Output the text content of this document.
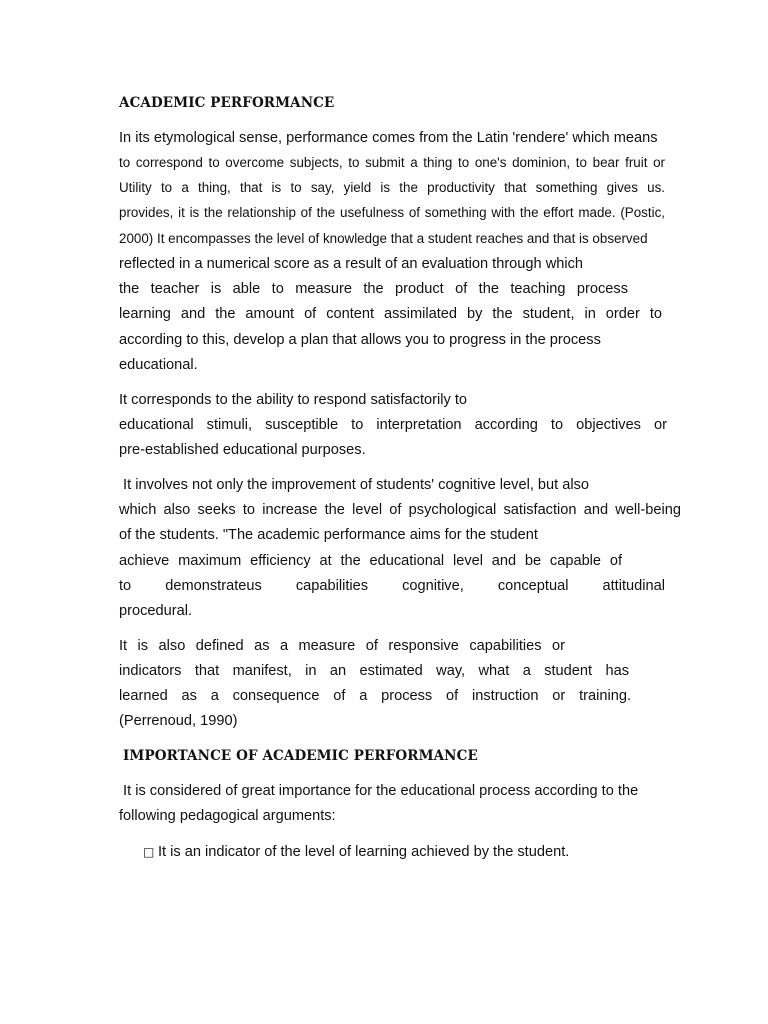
ACADEMIC PERFORMANCE

In its etymological sense, performance comes from the Latin 'rendere' which means

to correspond to overcome subjects, to submit a thing to one's dominion, to bear fruit or

Utility to a thing, that is to say, yield is the productivity that something gives us.

provides, it is the relationship of the usefulness of something with the effort made. (Postic,

2000) It encompasses the level of knowledge that a student reaches and that is observed

reflected in a numerical score as a result of an evaluation through which

the teacher is able to measure the product of the teaching process

learning and the amount of content assimilated by the student, in order to

according to this, develop a plan that allows you to progress in the process

educational.

It corresponds to the ability to respond satisfactorily to

educational stimuli, susceptible to interpretation according to objectives or

pre-established educational purposes.

It involves not only the improvement of students' cognitive level, but also

which also seeks to increase the level of psychological satisfaction and well-being

of the students. "The academic performance aims for the student

achieve maximum efficiency at the educational level and be capable of

to demonstrateus capabilities cognitive, conceptual attitudinal

procedural.

It is also defined as a measure of responsive capabilities or

indicators that manifest, in an estimated way, what a student has

learned as a consequence of a process of instruction or training.

(Perrenoud, 1990)

IMPORTANCE OF ACADEMIC PERFORMANCE

It is considered of great importance for the educational process according to the

following pedagogical arguments:

□ It is an indicator of the level of learning achieved by the student.
